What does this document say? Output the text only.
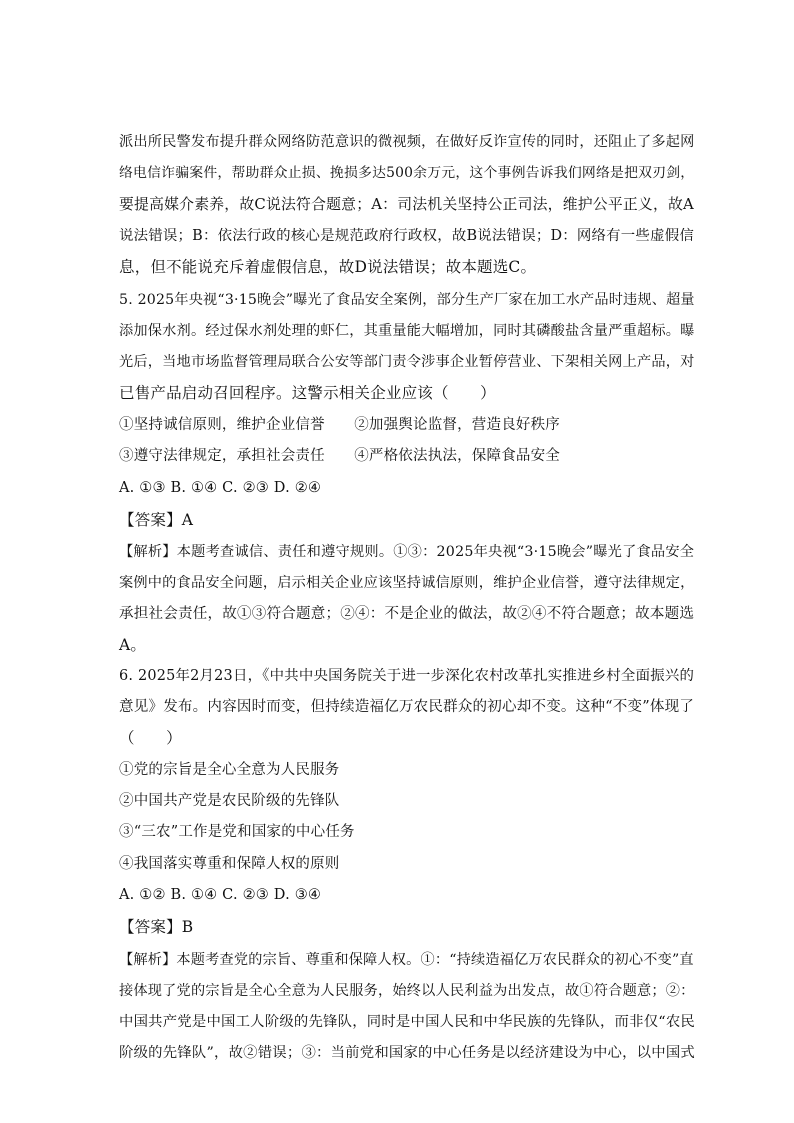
派出所民警发布提升群众网络防范意识的微视频，在做好反诈宣传的同时，还阻止了多起网
络电信诈骗案件，帮助群众止损、挽损多达500余万元，这个事例告诉我们网络是把双刃剑，
要提高媒介素养，故C说法符合题意；A：司法机关坚持公正司法，维护公平正义，故A
说法错误；B：依法行政的核心是规范政府行政权，故B说法错误；D：网络有一些虚假信
息，但不能说充斥着虚假信息，故D说法错误；故本题选C。
5. 2025年央视“3·15晚会”曝光了食品安全案例，部分生产厂家在加工水产品时违规、超量
添加保水剂。经过保水剂处理的虾仁，其重量能大幅增加，同时其磷酸盐含量严重超标。曝
光后，当地市场监督管理局联合公安等部门责令涉事企业暂停营业、下架相关网上产品，对
已售产品启动召回程序。这警示相关企业应该（　　）
①坚持诚信原则，维护企业信誉　　②加强舆论监督，营造良好秩序
③遵守法律规定，承担社会责任　　④严格依法执法，保障食品安全
A. ①③ B. ①④ C. ②③ D. ②④
【答案】A
【解析】本题考查诚信、责任和遵守规则。①③：2025年央视“3·15晚会”曝光了食品安全
案例中的食品安全问题，启示相关企业应该坚持诚信原则，维护企业信誉，遵守法律规定，
承担社会责任，故①③符合题意；②④：不是企业的做法，故②④不符合题意；故本题选
A。
6. 2025年2月23日，《中共中央国务院关于进一步深化农村改革扎实推进乡村全面振兴的
意见》发布。内容因时而变，但持续造福亿万农民群众的初心却不变。这种“不变”体现了
（　　）
①党的宗旨是全心全意为人民服务
②中国共产党是农民阶级的先锋队
③“三农”工作是党和国家的中心任务
④我国落实尊重和保障人权的原则
A. ①② B. ①④ C. ②③ D. ③④
【答案】B
【解析】本题考查党的宗旨、尊重和保障人权。①：“持续造福亿万农民群众的初心不变”直
接体现了党的宗旨是全心全意为人民服务，始终以人民利益为出发点，故①符合题意；②：
中国共产党是中国工人阶级的先锋队，同时是中国人民和中华民族的先锋队，而非仅“农民
阶级的先锋队”，故②错误；③：当前党和国家的中心任务是以经济建设为中心，以中国式
